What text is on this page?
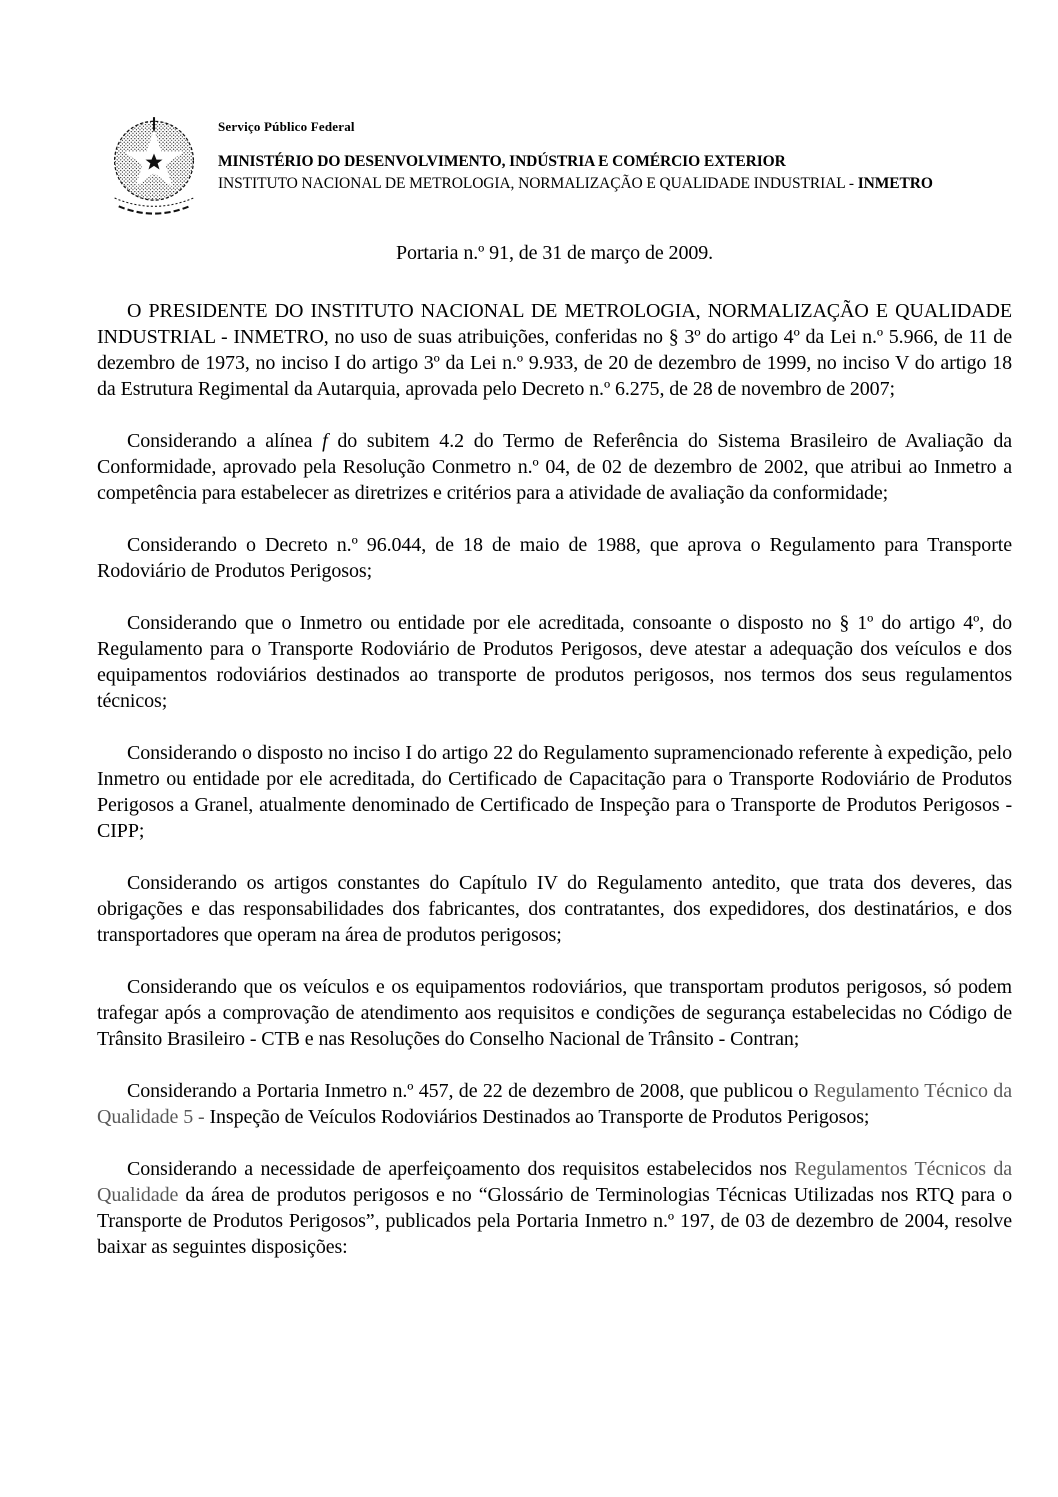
Serviço Público Federal
MINISTÉRIO DO DESENVOLVIMENTO, INDÚSTRIA E COMÉRCIO EXTERIOR
INSTITUTO NACIONAL DE METROLOGIA, NORMALIZAÇÃO E QUALIDADE INDUSTRIAL - INMETRO
Portaria n.º 91, de 31 de março de 2009.

O PRESIDENTE DO INSTITUTO NACIONAL DE METROLOGIA, NORMALIZAÇÃO E QUALIDADE INDUSTRIAL - INMETRO, no uso de suas atribuições, conferidas no § 3º do artigo 4º da Lei n.º 5.966, de 11 de dezembro de 1973, no inciso I do artigo 3º da Lei n.º 9.933, de 20 de dezembro de 1999, no inciso V do artigo 18 da Estrutura Regimental da Autarquia, aprovada pelo Decreto n.º 6.275, de 28 de novembro de 2007;

Considerando a alínea f do subitem 4.2 do Termo de Referência do Sistema Brasileiro de Avaliação da Conformidade, aprovado pela Resolução Conmetro n.º 04, de 02 de dezembro de 2002, que atribui ao Inmetro a competência para estabelecer as diretrizes e critérios para a atividade de avaliação da conformidade;

Considerando o Decreto n.º 96.044, de 18 de maio de 1988, que aprova o Regulamento para Transporte Rodoviário de Produtos Perigosos;

Considerando que o Inmetro ou entidade por ele acreditada, consoante o disposto no § 1º do artigo 4º, do Regulamento para o Transporte Rodoviário de Produtos Perigosos, deve atestar a adequação dos veículos e dos equipamentos rodoviários destinados ao transporte de produtos perigosos, nos termos dos seus regulamentos técnicos;

Considerando o disposto no inciso I do artigo 22 do Regulamento supramencionado referente à expedição, pelo Inmetro ou entidade por ele acreditada, do Certificado de Capacitação para o Transporte Rodoviário de Produtos Perigosos a Granel, atualmente denominado de Certificado de Inspeção para o Transporte de Produtos Perigosos - CIPP;

Considerando os artigos constantes do Capítulo IV do Regulamento antedito, que trata dos deveres, das obrigações e das responsabilidades dos fabricantes, dos contratantes, dos expedidores, dos destinatários, e dos transportadores que operam na área de produtos perigosos;

Considerando que os veículos e os equipamentos rodoviários, que transportam produtos perigosos, só podem trafegar após a comprovação de atendimento aos requisitos e condições de segurança estabelecidas no Código de Trânsito Brasileiro - CTB e nas Resoluções do Conselho Nacional de Trânsito - Contran;

Considerando a Portaria Inmetro n.º 457, de 22 de dezembro de 2008, que publicou o Regulamento Técnico da Qualidade 5 - Inspeção de Veículos Rodoviários Destinados ao Transporte de Produtos Perigosos;

Considerando a necessidade de aperfeiçoamento dos requisitos estabelecidos nos Regulamentos Técnicos da Qualidade da área de produtos perigosos e no “Glossário de Terminologias Técnicas Utilizadas nos RTQ para o Transporte de Produtos Perigosos”, publicados pela Portaria Inmetro n.º 197, de 03 de dezembro de 2004, resolve baixar as seguintes disposições:
